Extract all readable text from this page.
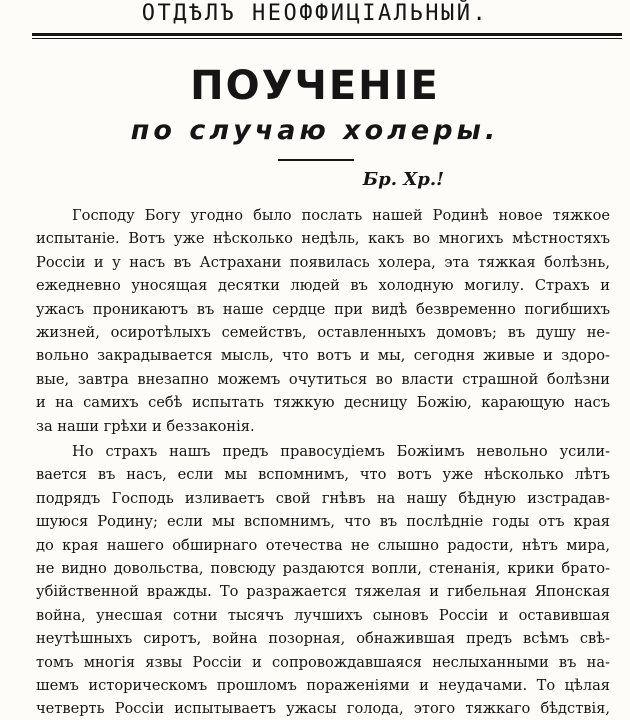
ОТДѢЛЪ НЕОФФИЦІАЛЬНЫЙ.
ПОУЧЕНІЕ
по случаю холеры.
Бр. Хр.!
Господу Богу угодно было послать нашей Родинѣ новое тяжкое
испытаніе. Вотъ уже нѣсколько недѣль, какъ во многихъ мѣстностяхъ
Россіи и у насъ въ Астрахани появилась холера, эта тяжкая болѣзнь,
ежедневно уносящая десятки людей въ холодную могилу. Страхъ и
ужасъ проникаютъ въ наше сердце при видѣ безвременно погибшихъ
жизней, осиротѣлыхъ семействъ, оставленныхъ домовъ; въ душу не-
вольно закрадывается мысль, что вотъ и мы, сегодня живые и здоро-
вые, завтра внезапно можемъ очутиться во власти страшной болѣзни
и на самихъ себѣ испытать тяжкую десницу Божію, карающую насъ
за наши грѣхи и беззаконія.
Но страхъ нашъ предъ правосудіемъ Божіимъ невольно усили-
вается въ насъ, если мы вспомнимъ, что вотъ уже нѣсколько лѣтъ
подрядъ Господь изливаетъ свой гнѣвъ на нашу бѣдную изстрадав-
шуюся Родину; если мы вспомнимъ, что въ послѣдніе годы отъ края
до края нашего обширнаго отечества не слышно радости, нѣтъ мира,
не видно довольства, повсюду раздаются вопли, стенанія, крики брато-
убійственной вражды. То разражается тяжелая и гибельная Японская
война, унесшая сотни тысячъ лучшихъ сыновъ Россіи и оставившая
неутѣшныхъ сиротъ, война позорная, обнажившая предъ всѣмъ свѣ-
томъ многія язвы Россіи и сопровождавшаяся неслыханными въ на-
шемъ историческомъ прошломъ пораженіями и неудачами. То цѣлая
четверть Россіи испытываетъ ужасы голода, этого тяжкаго бѣдствія,
